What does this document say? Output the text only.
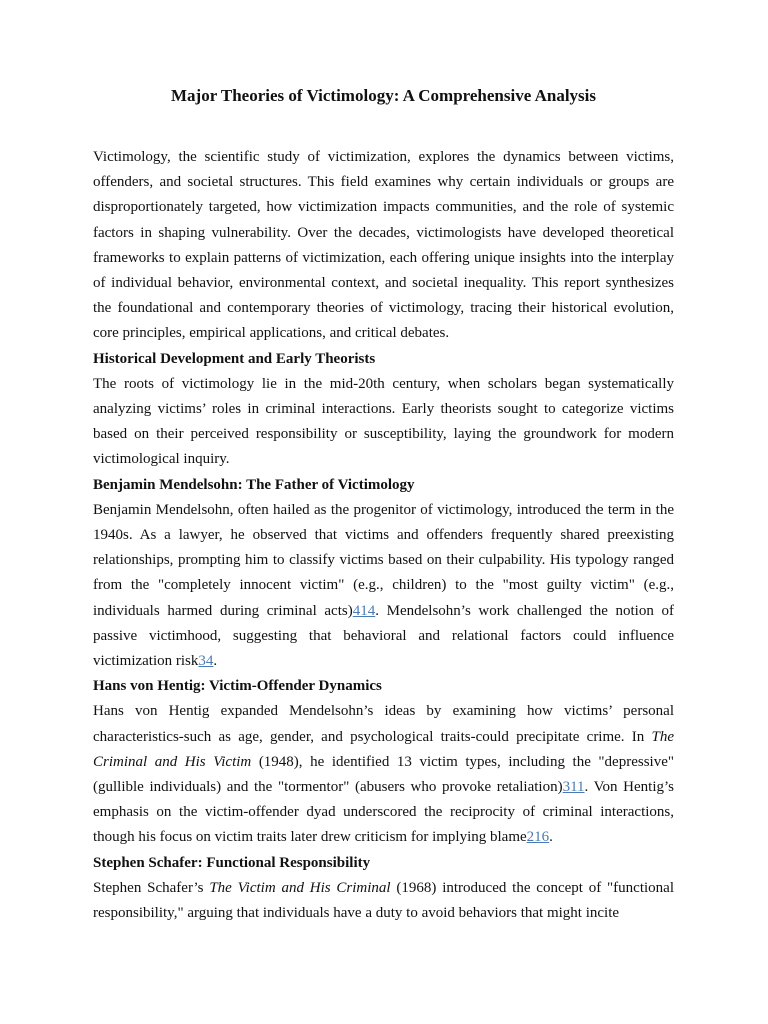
Major Theories of Victimology: A Comprehensive Analysis

Victimology, the scientific study of victimization, explores the dynamics between victims, offenders, and societal structures. This field examines why certain individuals or groups are disproportionately targeted, how victimization impacts communities, and the role of systemic factors in shaping vulnerability. Over the decades, victimologists have developed theoretical frameworks to explain patterns of victimization, each offering unique insights into the interplay of individual behavior, environmental context, and societal inequality. This report synthesizes the foundational and contemporary theories of victimology, tracing their historical evolution, core principles, empirical applications, and critical debates.

Historical Development and Early Theorists

The roots of victimology lie in the mid-20th century, when scholars began systematically analyzing victims’ roles in criminal interactions. Early theorists sought to categorize victims based on their perceived responsibility or susceptibility, laying the groundwork for modern victimological inquiry.

Benjamin Mendelsohn: The Father of Victimology

Benjamin Mendelsohn, often hailed as the progenitor of victimology, introduced the term in the 1940s. As a lawyer, he observed that victims and offenders frequently shared preexisting relationships, prompting him to classify victims based on their culpability. His typology ranged from the "completely innocent victim" (e.g., children) to the "most guilty victim" (e.g., individuals harmed during criminal acts)414. Mendelsohn’s work challenged the notion of passive victimhood, suggesting that behavioral and relational factors could influence victimization risk34.

Hans von Hentig: Victim-Offender Dynamics

Hans von Hentig expanded Mendelsohn’s ideas by examining how victims’ personal characteristics-such as age, gender, and psychological traits-could precipitate crime. In The Criminal and His Victim (1948), he identified 13 victim types, including the "depressive" (gullible individuals) and the "tormentor" (abusers who provoke retaliation)311. Von Hentig’s emphasis on the victim-offender dyad underscored the reciprocity of criminal interactions, though his focus on victim traits later drew criticism for implying blame216.

Stephen Schafer: Functional Responsibility

Stephen Schafer’s The Victim and His Criminal (1968) introduced the concept of "functional responsibility," arguing that individuals have a duty to avoid behaviors that might incite
